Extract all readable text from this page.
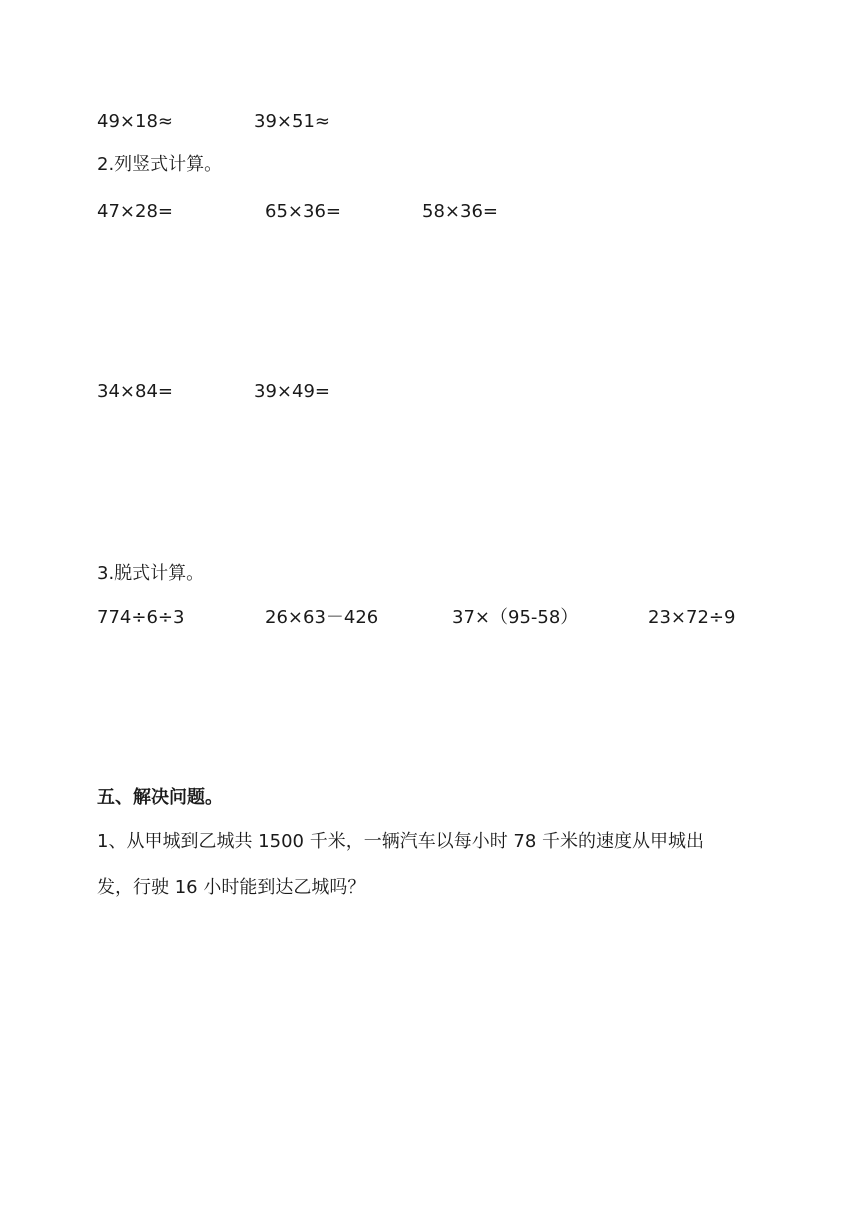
49×18≈	39×51≈
2.列竖式计算。
47×28=	65×36=	58×36=
34×84=	39×49=
3.脱式计算。
774÷6÷3	26×63－426	37×（95-58）	23×72÷9
五、解决问题。
1、从甲城到乙城共 1500 千米，一辆汽车以每小时 78 千米的速度从甲城出
发，行驶 16 小时能到达乙城吗？
